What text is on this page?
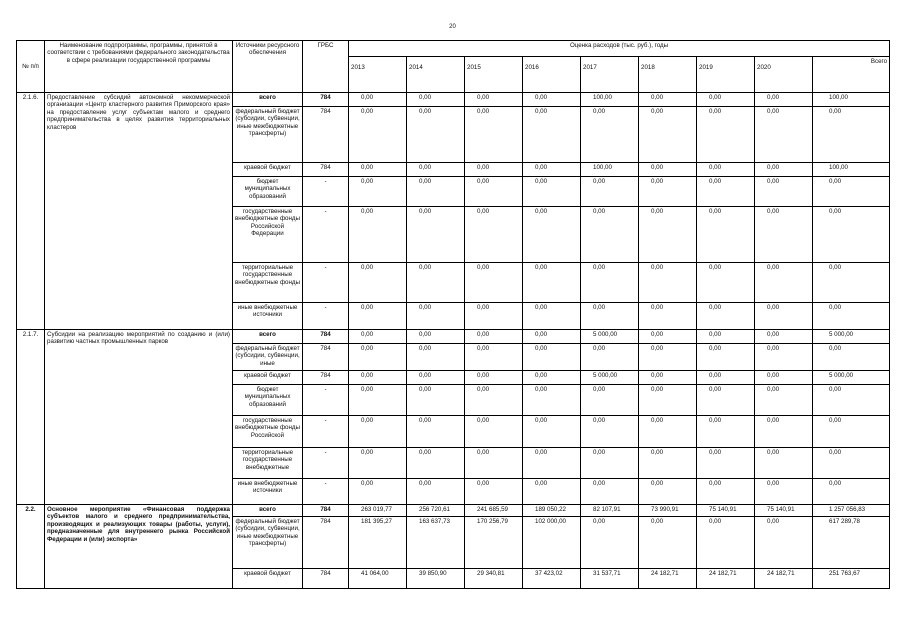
20
№ п/п	Наименование подпрограммы, программы, принятой в соответствии с требованиями федерального законодательства в сфере реализации государственной программы	Источники ресурсного обеспечения	ГРБС	Оценка расходов (тыс. руб.), годы								
				2013	2014	2015	2016	2017	2018	2019	2020	Всего
2.1.6.	Предоставление субсидий автономной некоммерческой организации «Центр кластерного развития Приморского края» на предоставление услуг субъектам малого и среднего предпринимательства в целях развития территориальных кластеров	всего	784	0,00	0,00	0,00	0,00	100,00	0,00	0,00	0,00	100,00
		федеральный бюджет (субсидии, субвенции, иные межбюджетные трансферты)	784	0,00	0,00	0,00	0,00	0,00	0,00	0,00	0,00	0,00
		краевой бюджет	784	0,00	0,00	0,00	0,00	100,00	0,00	0,00	0,00	100,00
		бюджет муниципальных образований	-	0,00	0,00	0,00	0,00	0,00	0,00	0,00	0,00	0,00
		государственные внебюджетные фонды Российской Федерации	-	0,00	0,00	0,00	0,00	0,00	0,00	0,00	0,00	0,00
		территориальные государственные внебюджетные фонды	-	0,00	0,00	0,00	0,00	0,00	0,00	0,00	0,00	0,00
		иные внебюджетные источники	-	0,00	0,00	0,00	0,00	0,00	0,00	0,00	0,00	0,00
2.1.7.	Субсидии на реализацию мероприятий по созданию и (или) развитию частных промышленных парков	всего	784	0,00	0,00	0,00	0,00	5 000,00	0,00	0,00	0,00	5 000,00
		федеральный бюджет (субсидии, субвенции, иные	784	0,00	0,00	0,00	0,00	0,00	0,00	0,00	0,00	0,00
		краевой бюджет	784	0,00	0,00	0,00	0,00	5 000,00	0,00	0,00	0,00	5 000,00
		бюджет муниципальных образований	-	0,00	0,00	0,00	0,00	0,00	0,00	0,00	0,00	0,00
		государственные внебюджетные фонды Российской	-	0,00	0,00	0,00	0,00	0,00	0,00	0,00	0,00	0,00
		территориальные государственные внебюджетные	-	0,00	0,00	0,00	0,00	0,00	0,00	0,00	0,00	0,00
		иные внебюджетные источники	-	0,00	0,00	0,00	0,00	0,00	0,00	0,00	0,00	0,00
2.2.	Основное мероприятие «Финансовая поддержка субъектов малого и среднего предпринимательства, производящих и реализующих товары (работы, услуги), предназначенные для внутреннего рынка Российской Федерации и (или) экспорта»	всего	784	263 019,77	256 720,61	241 685,59	189 050,22	82 107,91	73 990,91	75 140,91	75 140,91	1 257 056,83
		федеральный бюджет (субсидии, субвенции, иные межбюджетные трансферты)	784	181 395,27	163 637,73	170 256,79	102 000,00	0,00	0,00	0,00	0,00	617 289,78
		краевой бюджет	784	41 064,00	39 850,90	29 340,81	37 423,02	31 537,71	24 182,71	24 182,71	24 182,71	251 763,67
